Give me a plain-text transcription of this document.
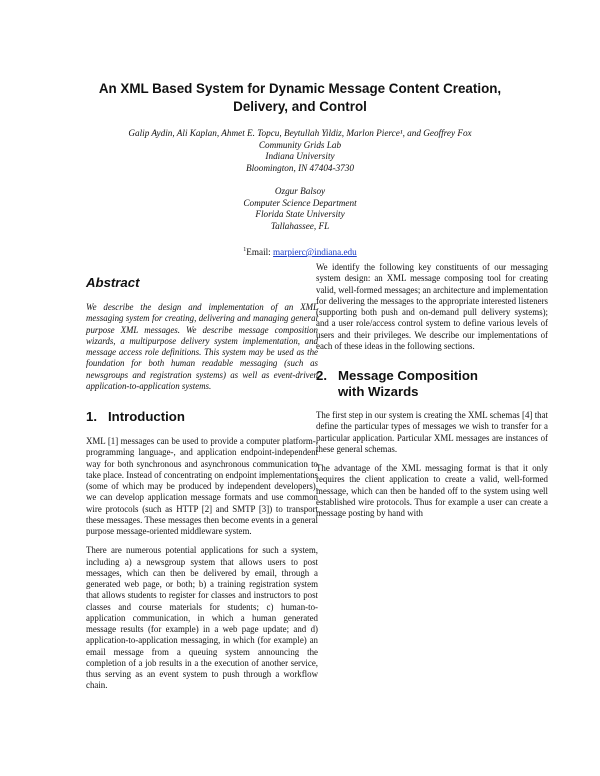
An XML Based System for Dynamic Message Content Creation,
Delivery, and Control
Galip Aydin, Ali Kaplan, Ahmet E. Topcu, Beytullah Yildiz, Marlon Pierce¹, and Geoffrey Fox
Community Grids Lab
Indiana University
Bloomington, IN 47404-3730
Ozgur Balsoy
Computer Science Department
Florida State University
Tallahassee, FL
$^1$Email: marpierc@indiana.edu
Abstract

We describe the design and implementation of an XML messaging system for creating, delivering and managing general purpose XML messages. We describe message composition wizards, a multipurpose delivery system implementation, and message access role definitions. This system may be used as the foundation for both human readable messaging (such as newsgroups and registration systems) as well as event-driven application-to-application systems.

1. Introduction

XML [1] messages can be used to provide a computer platform-, programming language-, and application endpoint-independent way for both synchronous and asynchronous communication to take place. Instead of concentrating on endpoint implementations (some of which may be produced by independent developers), we can develop application message formats and use common wire protocols (such as HTTP [2] and SMTP [3]) to transport these messages. These messages then become events in a general purpose message-oriented middleware system.

There are numerous potential applications for such a system, including a) a newsgroup system that allows users to post messages, which can then be delivered by email, through a generated web page, or both; b) a training registration system that allows students to register for classes and instructors to post classes and course materials for students; c) human-to-application communication, in which a human generated message results (for example) in a web page update; and d) application-to-application messaging, in which (for example) an email message from a queuing system announcing the completion of a job results in a the execution of another service, thus serving as an event system to push through a workflow chain.

We identify the following key constituents of our messaging system design: an XML message composing tool for creating valid, well-formed messages; an architecture and implementation for delivering the messages to the appropriate interested listeners (supporting both push and on-demand pull delivery systems); and a user role/access control system to define various levels of users and their privileges. We describe our implementations of each of these ideas in the following sections.

2. Message Composition
with Wizards

The first step in our system is creating the XML schemas [4] that define the particular types of messages we wish to transfer for a particular application. Particular XML messages are instances of these general schemas.

The advantage of the XML messaging format is that it only requires the client application to create a valid, well-formed message, which can then be handed off to the system using well established wire protocols. Thus for example a user can create a message posting by hand with
